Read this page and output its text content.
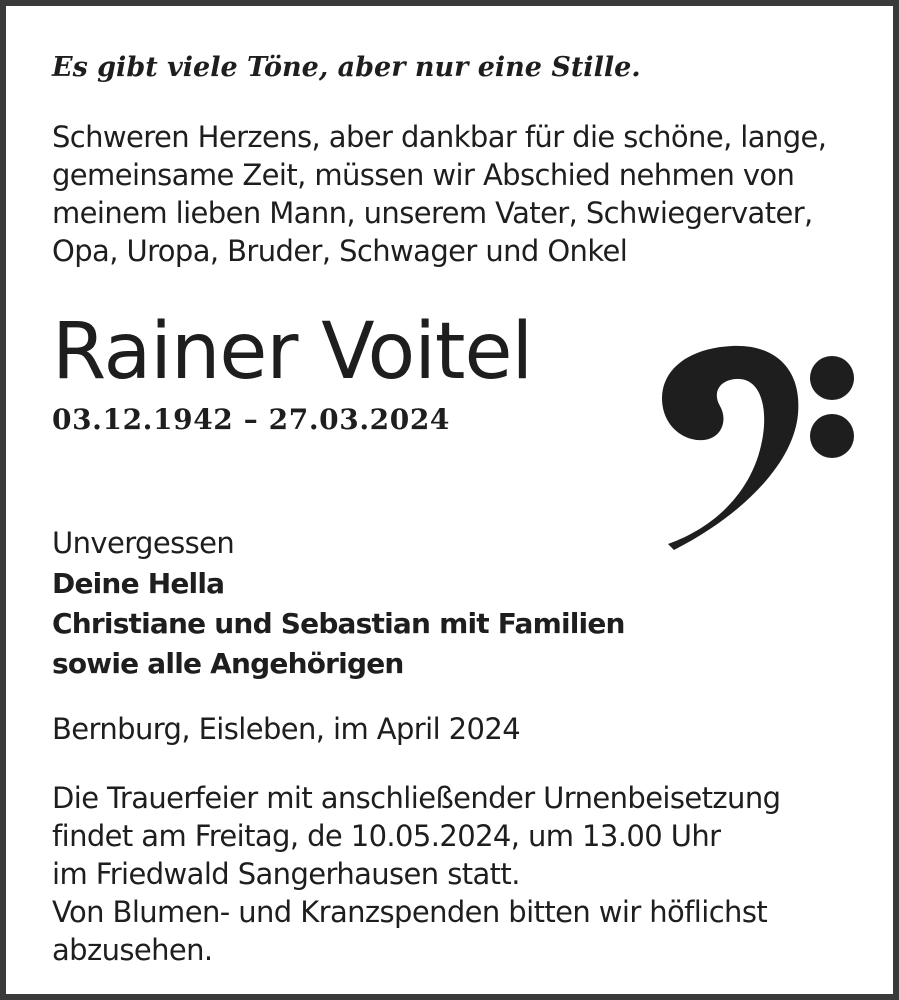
Es gibt viele Töne, aber nur eine Stille.

Schweren Herzens, aber dankbar für die schöne, lange,
gemeinsame Zeit, müssen wir Abschied nehmen von
meinem lieben Mann, unserem Vater, Schwiegervater,
Opa, Uropa, Bruder, Schwager und Onkel
Rainer Voitel

03.12.1942 – 27.03.2024

Unvergessen

Deine Hella
Christiane und Sebastian mit Familien
sowie alle Angehörigen

Bernburg, Eisleben, im April 2024

Die Trauerfeier mit anschließender Urnenbeisetzung
findet am Freitag, de 10.05.2024, um 13.00 Uhr
im Friedwald Sangerhausen statt.
Von Blumen- und Kranzspenden bitten wir höflichst
abzusehen.
